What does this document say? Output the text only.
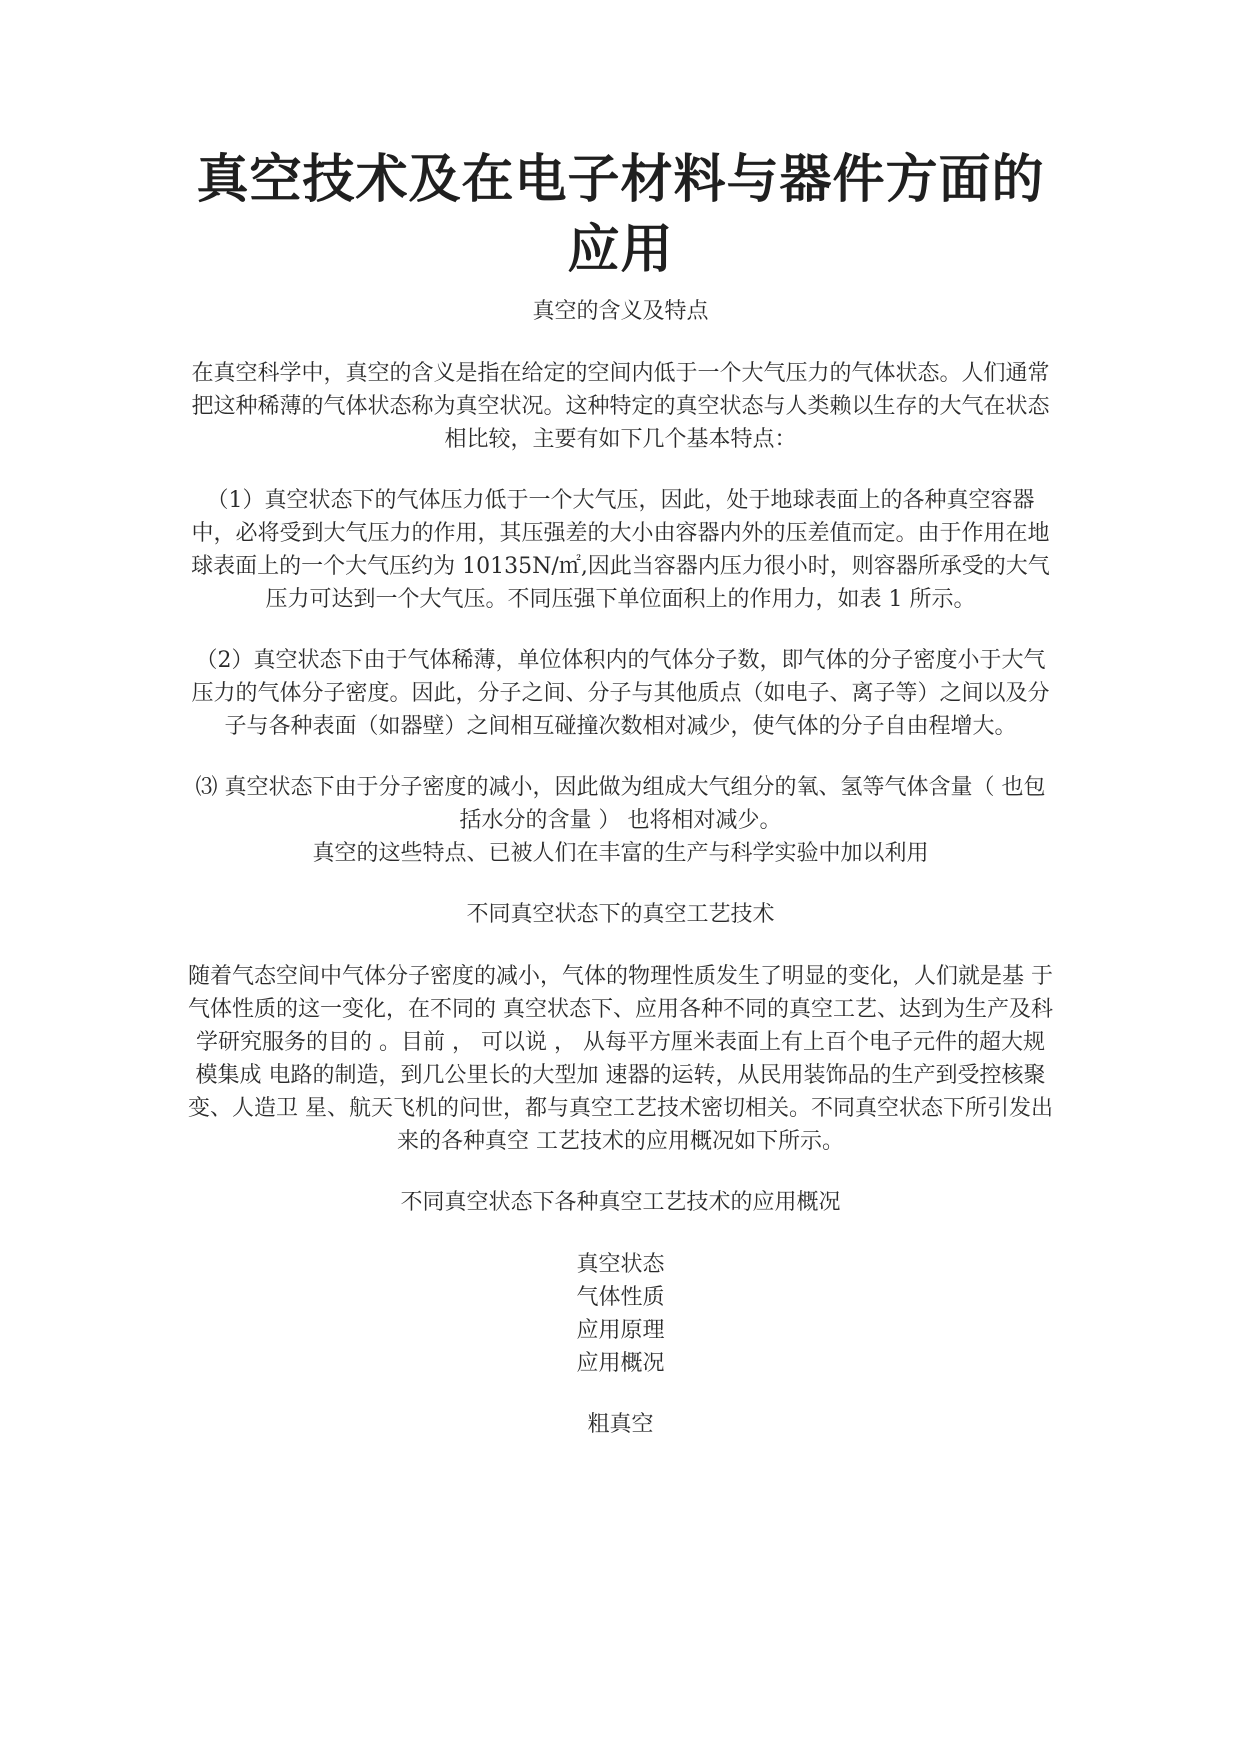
真空技术及在电子材料与器件方面的应用

真空的含义及特点

在真空科学中，真空的含义是指在给定的空间内低于一个大气压力的气体状态。人们通常把这种稀薄的气体状态称为真空状况。这种特定的真空状态与人类赖以生存的大气在状态相比较，主要有如下几个基本特点：

（1）真空状态下的气体压力低于一个大气压，因此，处于地球表面上的各种真空容器中，必将受到大气压力的作用，其压强差的大小由容器内外的压差值而定。由于作用在地球表面上的一个大气压约为 10135N/㎡,因此当容器内压力很小时，则容器所承受的大气压力可达到一个大气压。不同压强下单位面积上的作用力，如表 1 所示。

（2）真空状态下由于气体稀薄，单位体积内的气体分子数，即气体的分子密度小于大气压力的气体分子密度。因此，分子之间、分子与其他质点（如电子、离子等）之间以及分子与各种表面（如器壁）之间相互碰撞次数相对减少，使气体的分子自由程增大。

⑶ 真空状态下由于分子密度的减小，因此做为组成大气组分的氧、氢等气体含量（ 也包括水分的含量 ） 也将相对减少。

真空的这些特点、已被人们在丰富的生产与科学实验中加以利用

不同真空状态下的真空工艺技术

随着气态空间中气体分子密度的减小，气体的物理性质发生了明显的变化，人们就是基 于气体性质的这一变化，在不同的 真空状态下、应用各种不同的真空工艺、达到为生产及科学研究服务的目的 。目前 ， 可以说 ， 从每平方厘米表面上有上百个电子元件的超大规模集成 电路的制造，到几公里长的大型加 速器的运转，从民用装饰品的生产到受控核聚变、人造卫 星、航天飞机的问世，都与真空工艺技术密切相关。不同真空状态下所引发出来的各种真空 工艺技术的应用概况如下所示。

不同真空状态下各种真空工艺技术的应用概况

真空状态
气体性质
应用原理
应用概况

粗真空
